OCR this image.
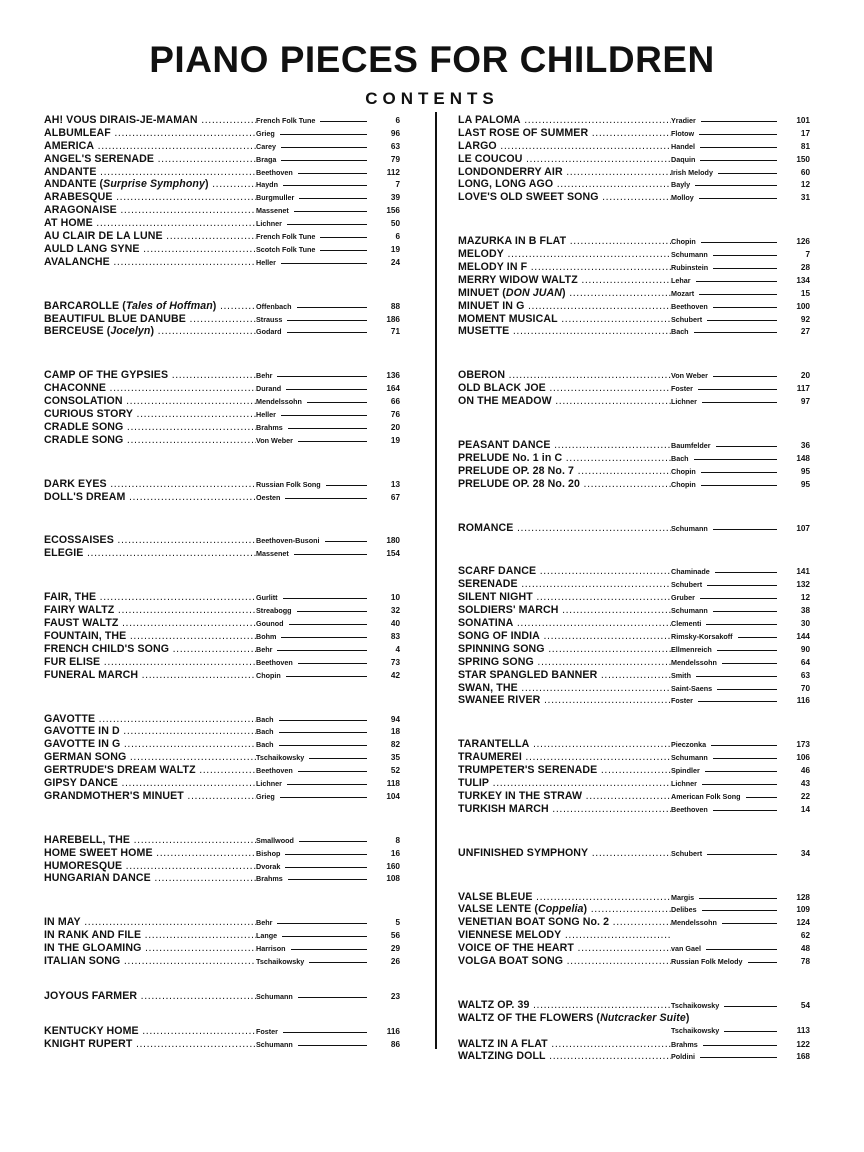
PIANO PIECES FOR CHILDREN
CONTENTS
AH! VOUS DIRAIS-JE-MAMAN .....	French Folk Tune	6
ALBUMLEAF .....	Grieg	96
AMERICA .....	Carey	63
ANGEL'S SERENADE .....	Braga	79
ANDANTE .....	Beethoven	112
ANDANTE (Surprise Symphony) .....	Haydn	7
ARABESQUE .....	Burgmuller	39
ARAGONAISE .....	Massenet	156
AT HOME .....	Lichner	50
AU CLAIR DE LA LUNE .....	French Folk Tune	6
AULD LANG SYNE .....	Scotch Folk Tune	19
AVALANCHE .....	Heller	24
BARCAROLLE (Tales of Hoffman) .....	Offenbach	88
BEAUTIFUL BLUE DANUBE .....	Strauss	186
BERCEUSE (Jocelyn) .....	Godard	71
CAMP OF THE GYPSIES .....	Behr	136
CHACONNE .....	Durand	164
CONSOLATION .....	Mendelssohn	66
CURIOUS STORY .....	Heller	76
CRADLE SONG .....	Brahms	20
CRADLE SONG .....	Von Weber	19
DARK EYES .....	Russian Folk Song	13
DOLL'S DREAM .....	Oesten	67
ECOSSAISES .....	Beethoven-Busoni	180
ELEGIE .....	Massenet	154
FAIR, THE .....	Gurlitt	10
FAIRY WALTZ .....	Streabogg	32
FAUST WALTZ .....	Gounod	40
FOUNTAIN, THE .....	Bohm	83
FRENCH CHILD'S SONG .....	Behr	4
FUR ELISE .....	Beethoven	73
FUNERAL MARCH .....	Chopin	42
GAVOTTE .....	Bach	94
GAVOTTE IN D .....	Bach	18
GAVOTTE IN G .....	Bach	82
GERMAN SONG .....	Tschaikowsky	35
GERTRUDE'S DREAM WALTZ .....	Beethoven	52
GIPSY DANCE .....	Lichner	118
GRANDMOTHER'S MINUET .....	Grieg	104
HAREBELL, THE .....	Smallwood	8
HOME SWEET HOME .....	Bishop	16
HUMORESQUE .....	Dvorak	160
HUNGARIAN DANCE .....	Brahms	108
IN MAY .....	Behr	5
IN RANK AND FILE .....	Lange	56
IN THE GLOAMING .....	Harrison	29
ITALIAN SONG .....	Tschaikowsky	26
JOYOUS FARMER .....	Schumann	23
KENTUCKY HOME .....	Foster	116
KNIGHT RUPERT .....	Schumann	86
LA PALOMA .....	Yradier	101
LAST ROSE OF SUMMER .....	Flotow	17
LARGO .....	Handel	81
LE COUCOU .....	Daquin	150
LONDONDERRY AIR .....	Irish Melody	60
LONG, LONG AGO .....	Bayly	12
LOVE'S OLD SWEET SONG .....	Molloy	31
MAZURKA IN B FLAT .....	Chopin	126
MELODY .....	Schumann	7
MELODY IN F .....	Rubinstein	28
MERRY WIDOW WALTZ .....	Lehar	134
MINUET (DON JUAN) .....	Mozart	15
MINUET IN G .....	Beethoven	100
MOMENT MUSICAL .....	Schubert	92
MUSETTE .....	Bach	27
OBERON .....	Von Weber	20
OLD BLACK JOE .....	Foster	117
ON THE MEADOW .....	Lichner	97
PEASANT DANCE .....	Baumfelder	36
PRELUDE No. 1 in C .....	Bach	148
PRELUDE OP. 28 No. 7 .....	Chopin	95
PRELUDE OP. 28 No. 20 .....	Chopin	95
ROMANCE .....	Schumann	107
SCARF DANCE .....	Chaminade	141
SERENADE .....	Schubert	132
SILENT NIGHT .....	Gruber	12
SOLDIERS' MARCH .....	Schumann	38
SONATINA .....	Clementi	30
SONG OF INDIA .....	Rimsky-Korsakoff	144
SPINNING SONG .....	Ellmenreich	90
SPRING SONG .....	Mendelssohn	64
STAR SPANGLED BANNER .....	Smith	63
SWAN, THE .....	Saint-Saens	70
SWANEE RIVER .....	Foster	116
TARANTELLA .....	Pieczonka	173
TRAUMEREI .....	Schumann	106
TRUMPETER'S SERENADE .....	Spindler	46
TULIP .....	Lichner	43
TURKEY IN THE STRAW .....	American Folk Song	22
TURKISH MARCH .....	Beethoven	14
UNFINISHED SYMPHONY .....	Schubert	34
VALSE BLEUE .....	Margis	128
VALSE LENTE (Coppelia) .....	Delibes	109
VENETIAN BOAT SONG No. 2 .....	Mendelssohn	124
VIENNESE MELODY .....	62
VOICE OF THE HEART .....	van Gael	48
VOLGA BOAT SONG .....	Russian Folk Melody	78
WALTZ OP. 39 .....	Tschaikowsky	54
WALTZ OF THE FLOWERS (Nutcracker Suite)
Tschaikowsky	113
WALTZ IN A FLAT .....	Brahms	122
WALTZING DOLL .....	Poldini	168
